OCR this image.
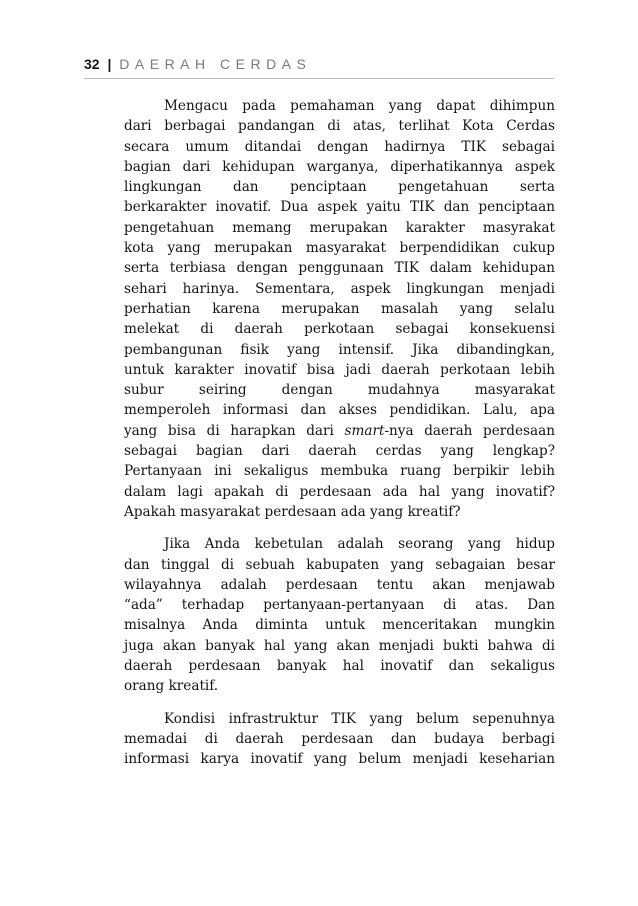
32 | DAERAH CERDAS
Mengacu pada pemahaman yang dapat dihimpun
dari berbagai pandangan di atas, terlihat Kota Cerdas
secara umum ditandai dengan hadirnya TIK sebagai
bagian dari kehidupan warganya, diperhatikannya aspek
lingkungan dan penciptaan pengetahuan serta
berkarakter inovatif. Dua aspek yaitu TIK dan penciptaan
pengetahuan memang merupakan karakter masyrakat
kota yang merupakan masyarakat berpendidikan cukup
serta terbiasa dengan penggunaan TIK dalam kehidupan
sehari harinya. Sementara, aspek lingkungan menjadi
perhatian karena merupakan masalah yang selalu
melekat di daerah perkotaan sebagai konsekuensi
pembangunan fisik yang intensif. Jika dibandingkan,
untuk karakter inovatif bisa jadi daerah perkotaan lebih
subur seiring dengan mudahnya masyarakat
memperoleh informasi dan akses pendidikan. Lalu, apa
yang bisa di harapkan dari smart-nya daerah perdesaan
sebagai bagian dari daerah cerdas yang lengkap?
Pertanyaan ini sekaligus membuka ruang berpikir lebih
dalam lagi apakah di perdesaan ada hal yang inovatif?
Apakah masyarakat perdesaan ada yang kreatif?
Jika Anda kebetulan adalah seorang yang hidup
dan tinggal di sebuah kabupaten yang sebagaian besar
wilayahnya adalah perdesaan tentu akan menjawab
“ada” terhadap pertanyaan-pertanyaan di atas. Dan
misalnya Anda diminta untuk menceritakan mungkin
juga akan banyak hal yang akan menjadi bukti bahwa di
daerah perdesaan banyak hal inovatif dan sekaligus
orang kreatif.
Kondisi infrastruktur TIK yang belum sepenuhnya
memadai di daerah perdesaan dan budaya berbagi
informasi karya inovatif yang belum menjadi keseharian
